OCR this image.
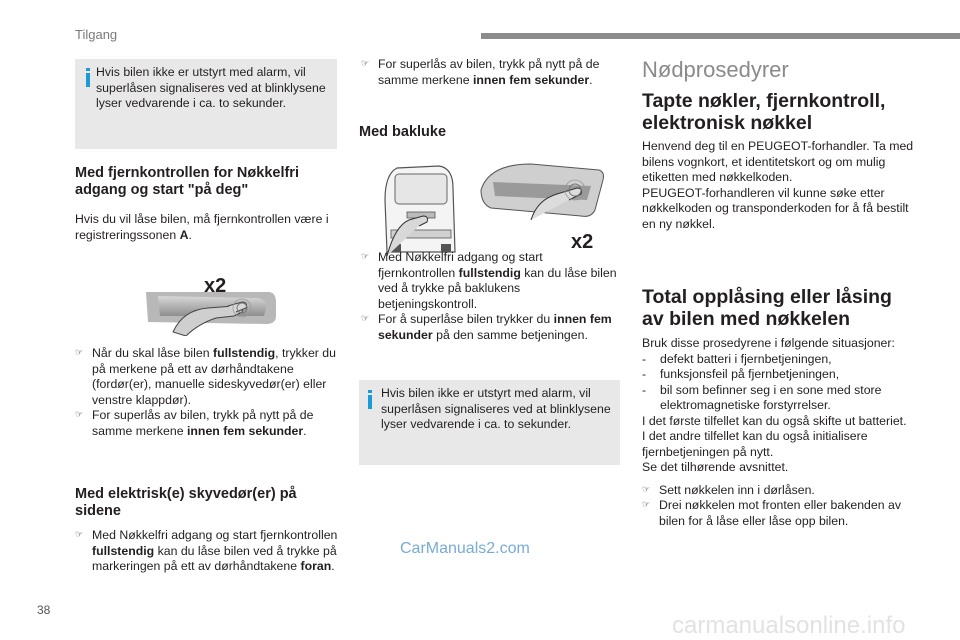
Tilgang
Hvis bilen ikke er utstyrt med alarm, vil superlåsen signaliseres ved at blinklysene lyser vedvarende i ca. to sekunder.
Med fjernkontrollen for Nøkkelfri adgang og start "på deg"
Hvis du vil låse bilen, må fjernkontrollen være i registreringssonen A.
x2
☞ Når du skal låse bilen fullstendig, trykker du på merkene på ett av dørhåndtakene (fordør(er), manuelle sideskyvedør(er) eller venstre klappdør).
☞ For superlås av bilen, trykk på nytt på de samme merkene innen fem sekunder.
Med elektrisk(e) skyvedør(er) på sidene
☞ Med Nøkkelfri adgang og start fjernkontrollen fullstendig kan du låse bilen ved å trykke på markeringen på ett av dørhåndtakene foran.
☞ For superlås av bilen, trykk på nytt på de samme merkene innen fem sekunder.
Med bakluke
x2
☞ Med Nøkkelfri adgang og start fjernkontrollen fullstendig kan du låse bilen ved å trykke på baklukens betjeningskontroll.
☞ For å superlåse bilen trykker du innen fem sekunder på den samme betjeningen.
Hvis bilen ikke er utstyrt med alarm, vil superlåsen signaliseres ved at blinklysene lyser vedvarende i ca. to sekunder.
Nødprosedyrer
Tapte nøkler, fjernkontroll, elektronisk nøkkel
Henvend deg til en PEUGEOT-forhandler. Ta med bilens vognkort, et identitetskort og om mulig etiketten med nøkkelkoden.
PEUGEOT-forhandleren vil kunne søke etter nøkkelkoden og transponderkoden for å få bestilt en ny nøkkel.
Total opplåsing eller låsing av bilen med nøkkelen
Bruk disse prosedyrene i følgende situasjoner:
- defekt batteri i fjernbetjeningen,
- funksjonsfeil på fjernbetjeningen,
- bil som befinner seg i en sone med store elektromagnetiske forstyrrelser.
I det første tilfellet kan du også skifte ut batteriet.
I det andre tilfellet kan du også initialisere fjernbetjeningen på nytt.
Se det tilhørende avsnittet.
☞ Sett nøkkelen inn i dørlåsen.
☞ Drei nøkkelen mot fronten eller bakenden av bilen for å låse eller låse opp bilen.
CarManuals2.com
38
carmanualsonline.info
